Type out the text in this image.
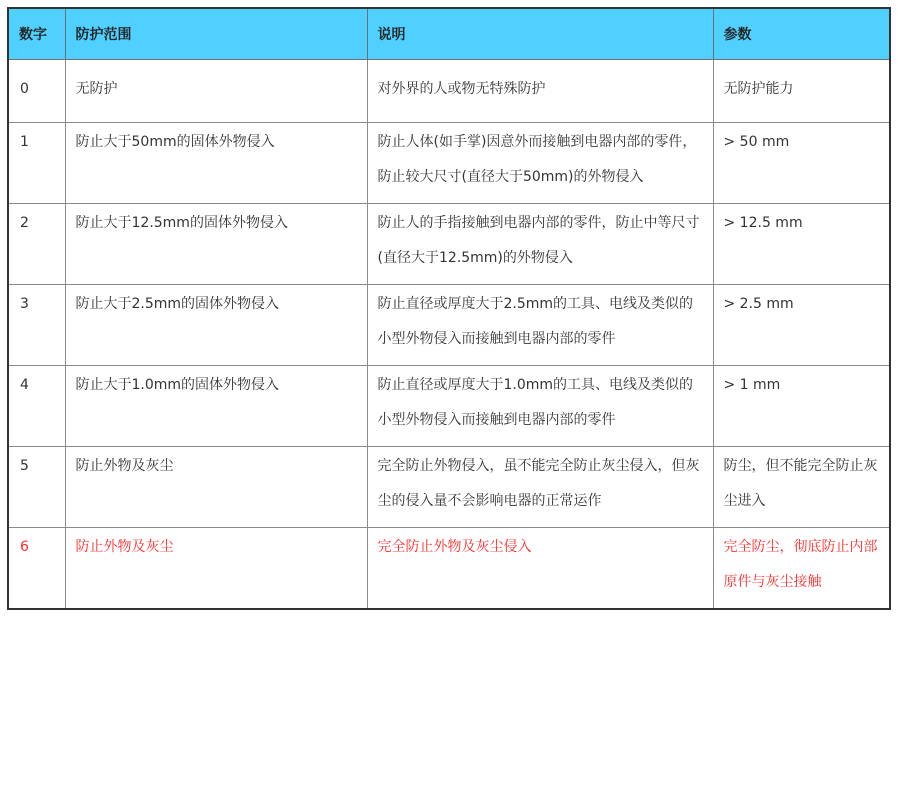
数字	防护范围	说明	参数
0	无防护	对外界的人或物无特殊防护	无防护能力
1	防止大于50mm的固体外物侵入	防止人体(如手掌)因意外而接触到电器内部的零件，防止较大尺寸(直径大于50mm)的外物侵入	> 50 mm
2	防止大于12.5mm的固体外物侵入	防止人的手指接触到电器内部的零件，防止中等尺寸(直径大于12.5mm)的外物侵入	> 12.5 mm
3	防止大于2.5mm的固体外物侵入	防止直径或厚度大于2.5mm的工具、电线及类似的小型外物侵入而接触到电器内部的零件	> 2.5 mm
4	防止大于1.0mm的固体外物侵入	防止直径或厚度大于1.0mm的工具、电线及类似的小型外物侵入而接触到电器内部的零件	> 1 mm
5	防止外物及灰尘	完全防止外物侵入，虽不能完全防止灰尘侵入，但灰尘的侵入量不会影响电器的正常运作	防尘，但不能完全防止灰尘进入
6	防止外物及灰尘	完全防止外物及灰尘侵入	完全防尘，彻底防止内部原件与灰尘接触
